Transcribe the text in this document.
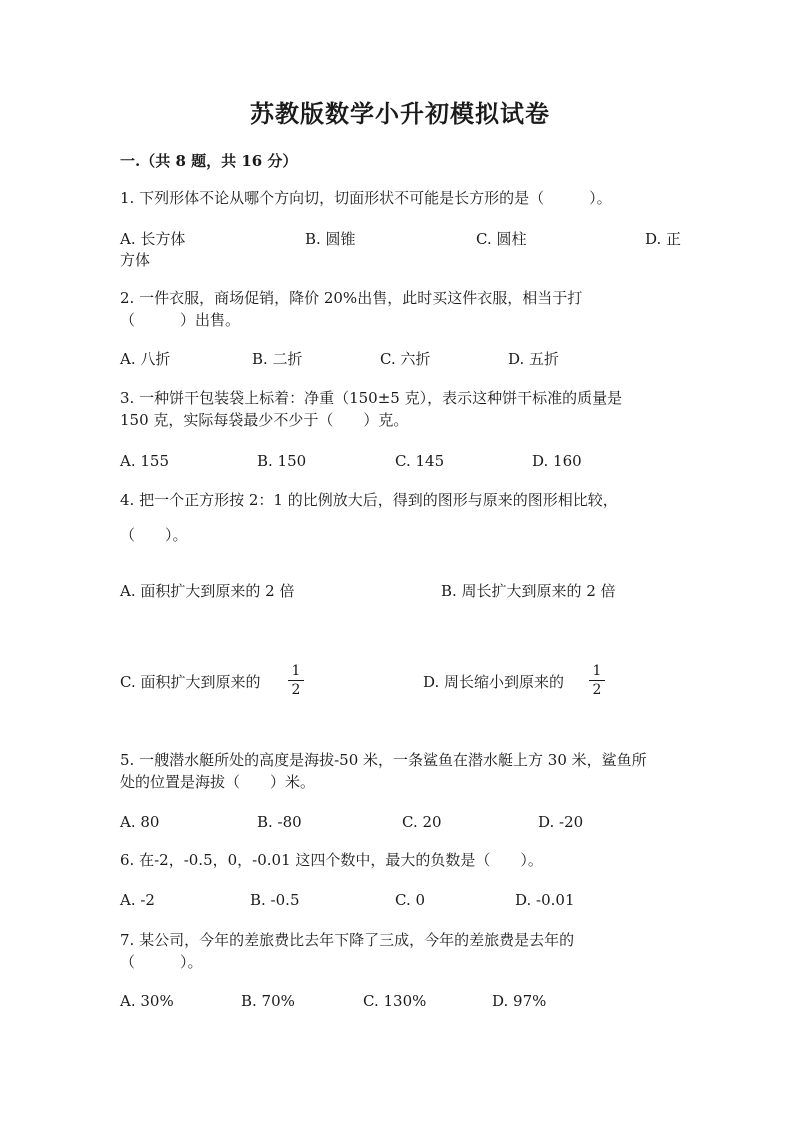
苏教版数学小升初模拟试卷
一.（共 8 题，共 16 分）
1. 下列形体不论从哪个方向切，切面形状不可能是长方形的是（　　　）。
A. 长方体	B. 圆锥	C. 圆柱	D. 正
方体
2. 一件衣服，商场促销，降价 20%出售，此时买这件衣服，相当于打
（　　　）出售。
A. 八折	B. 二折	C. 六折	D. 五折
3. 一种饼干包装袋上标着：净重（150±5 克），表示这种饼干标准的质量是
150 克，实际每袋最少不少于（　　）克。
A. 155	B. 150	C. 145	D. 160
4. 把一个正方形按 2：1 的比例放大后，得到的图形与原来的图形相比较，
（　　）。
A. 面积扩大到原来的 2 倍	B. 周长扩大到原来的 2 倍
C. 面积扩大到原来的
1
2	D. 周长缩小到原来的
1
2
5. 一艘潜水艇所处的高度是海拔-50 米，一条鲨鱼在潜水艇上方 30 米，鲨鱼所
处的位置是海拔（　　）米。
A. 80	B. -80	C. 20	D. -20
6. 在-2，-0.5，0，-0.01 这四个数中，最大的负数是（　　）。
A. -2	B. -0.5	C. 0	D. -0.01
7. 某公司，今年的差旅费比去年下降了三成，今年的差旅费是去年的
（　　　）。
A. 30%	B. 70%	C. 130%	D. 97%
